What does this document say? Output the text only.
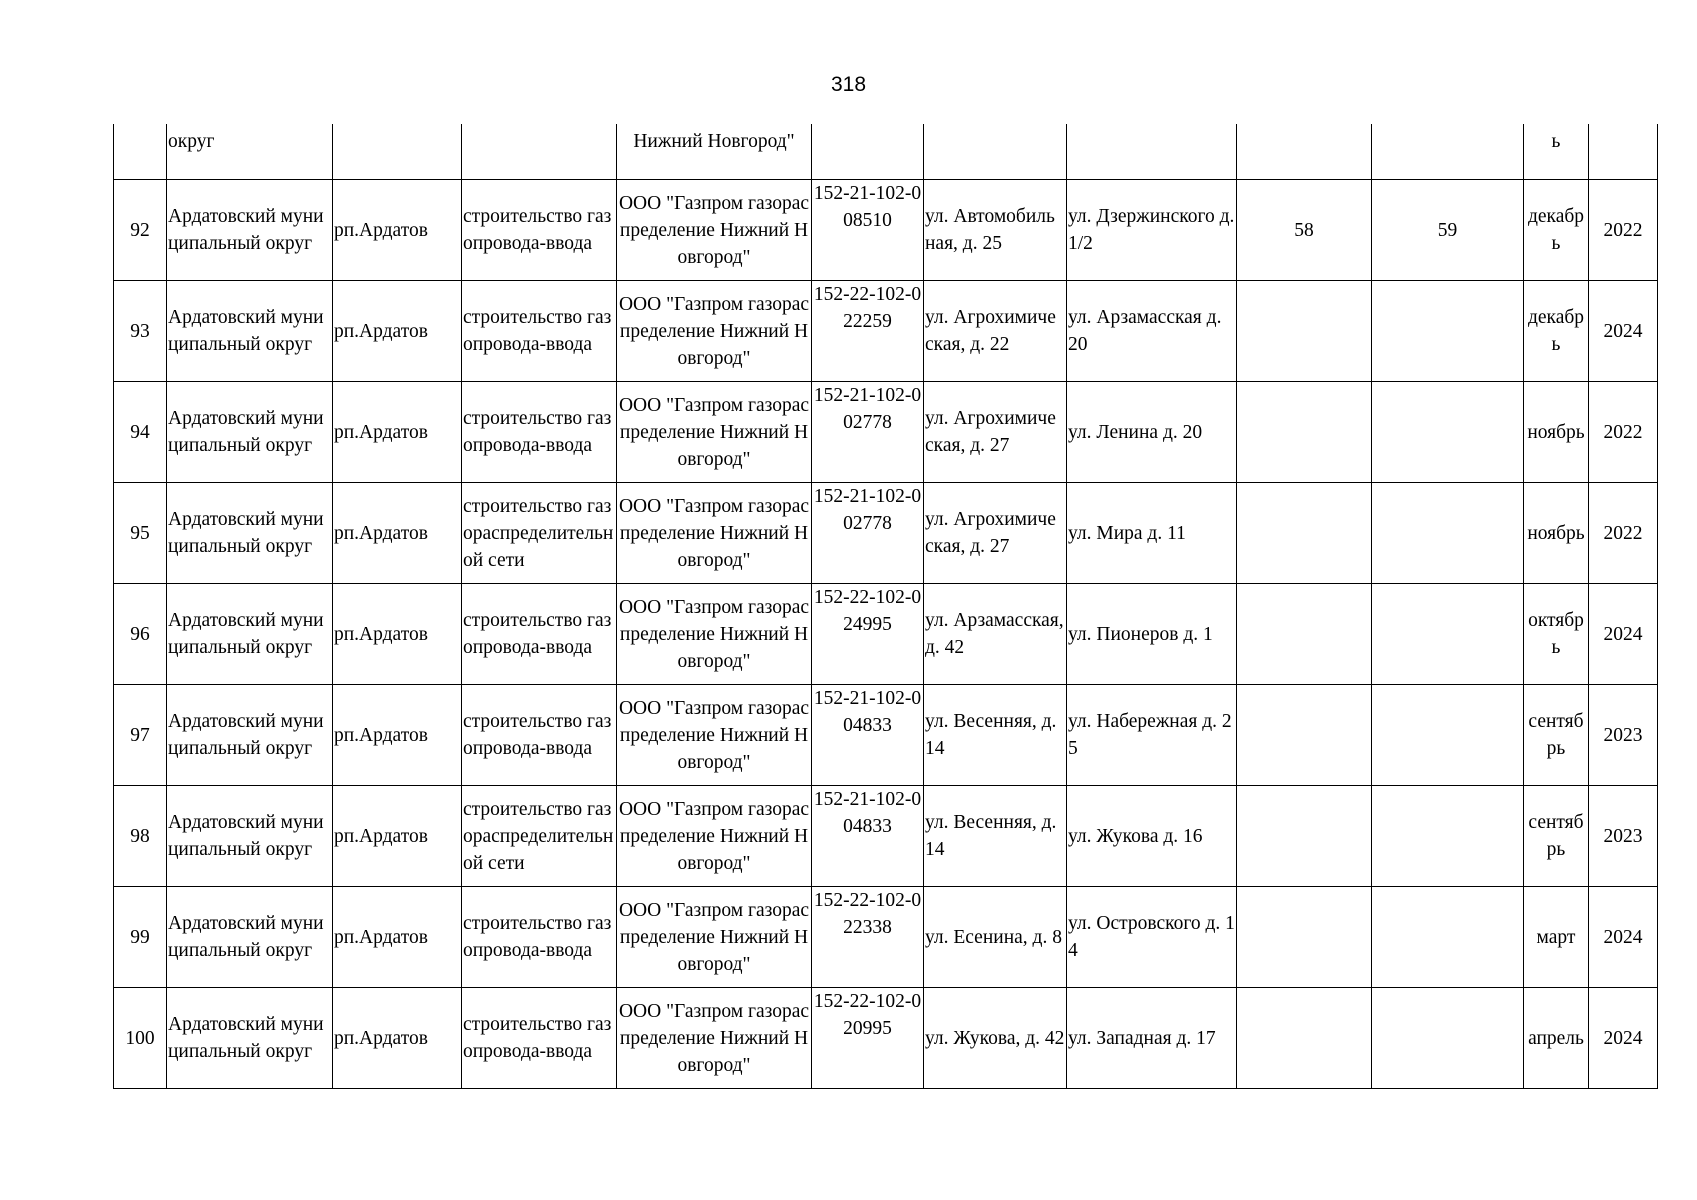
318
	округ			Нижний Новгород"						ь	
92	Ардатовский муниципальный округ	рп.Ардатов	строительство газопровода-ввода	ООО "Газпром газораспределение Нижний Новгород"	152-21-102-008510	ул. Автомобильная, д. 25	ул. Дзержинского д. 1/2	58	59	декабрь	2022
93	Ардатовский муниципальный округ	рп.Ардатов	строительство газопровода-ввода	ООО "Газпром газораспределение Нижний Новгород"	152-22-102-022259	ул. Агрохимическая, д. 22	ул. Арзамасская д. 20			декабрь	2024
94	Ардатовский муниципальный округ	рп.Ардатов	строительство газопровода-ввода	ООО "Газпром газораспределение Нижний Новгород"	152-21-102-002778	ул. Агрохимическая, д. 27	ул. Ленина д. 20			ноябрь	2022
95	Ардатовский муниципальный округ	рп.Ардатов	строительство газораспределительной сети	ООО "Газпром газораспределение Нижний Новгород"	152-21-102-002778	ул. Агрохимическая, д. 27	ул. Мира д. 11			ноябрь	2022
96	Ардатовский муниципальный округ	рп.Ардатов	строительство газопровода-ввода	ООО "Газпром газораспределение Нижний Новгород"	152-22-102-024995	ул. Арзамасская, д. 42	ул. Пионеров д. 1			октябрь	2024
97	Ардатовский муниципальный округ	рп.Ардатов	строительство газопровода-ввода	ООО "Газпром газораспределение Нижний Новгород"	152-21-102-004833	ул. Весенняя, д. 14	ул. Набережная д. 25			сентябрь	2023
98	Ардатовский муниципальный округ	рп.Ардатов	строительство газораспределительной сети	ООО "Газпром газораспределение Нижний Новгород"	152-21-102-004833	ул. Весенняя, д. 14	ул. Жукова д. 16			сентябрь	2023
99	Ардатовский муниципальный округ	рп.Ардатов	строительство газопровода-ввода	ООО "Газпром газораспределение Нижний Новгород"	152-22-102-022338	ул. Есенина, д. 8	ул. Островского д. 14			март	2024
100	Ардатовский муниципальный округ	рп.Ардатов	строительство газопровода-ввода	ООО "Газпром газораспределение Нижний Новгород"	152-22-102-020995	ул. Жукова, д. 42	ул. Западная д. 17			апрель	2024
